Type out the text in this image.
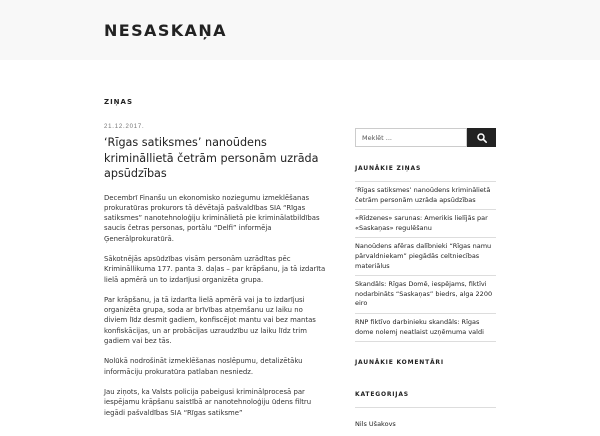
NESASKAŅA
ZIŅAS
21.12.2017.
‘Rīgas satiksmes’ nanoūdens krimināllietā četrām personām uzrāda apsūdzības

Decembrī Finanšu un ekonomisko noziegumu izmeklēšanas prokuratūras prokurors tā dēvētajā pašvaldības SIA “Rīgas satiksmes” nanotehnoloģiju kriminālietā pie kriminālatbildības saucis četras personas, portālu “Delfi” informēja Ģenerālprokuratūrā.

Sākotnējās apsūdzības visām personām uzrādītas pēc Krimināllikuma 177. panta 3. daļas – par krāpšanu, ja tā izdarīta lielā apmērā un to izdarījusi organizēta grupa.

Par krāpšanu, ja tā izdarīta lielā apmērā vai ja to izdarījusi organizēta grupa, soda ar brīvības atņemšanu uz laiku no diviem līdz desmit gadiem, konfiscējot mantu vai bez mantas konfiskācijas, un ar probācijas uzraudzību uz laiku līdz trim gadiem vai bez tās.

Nolūkā nodrošināt izmeklēšanas noslēpumu, detalizētāku informāciju prokuratūra patlaban nesniedz.

Jau ziņots, ka Valsts policija pabeigusi kriminālprocesā par iespējamu krāpšanu saistībā ar nanotehnoloģiju ūdens filtru iegādi pašvaldības SIA “Rīgas satiksme”

Meklēt ...
JAUNĀKIE ZIŅAS
‘Rīgas satiksmes’ nanoūdens kriminālietā četrām personām uzrāda apsūdzības
«Rīdzenes» sarunas: Amerikis lielījās par «Saskaņas» regulēšanu
Nanoūdens afēras dalībnieki “Rīgas namu pārvaldniekam” piegādās celtniecības materiālus
Skandāls: Rīgas Domē, iespējams, fiktīvi nodarbināts “Saskaņas” biedrs, alga 2200 eiro
RNP fiktīvo darbinieku skandāls: Rīgas dome nolemj neatlaist uzņēmuma valdi
JAUNĀKIE KOMENTĀRI
KATEGORIJAS
Nils Ušakovs
